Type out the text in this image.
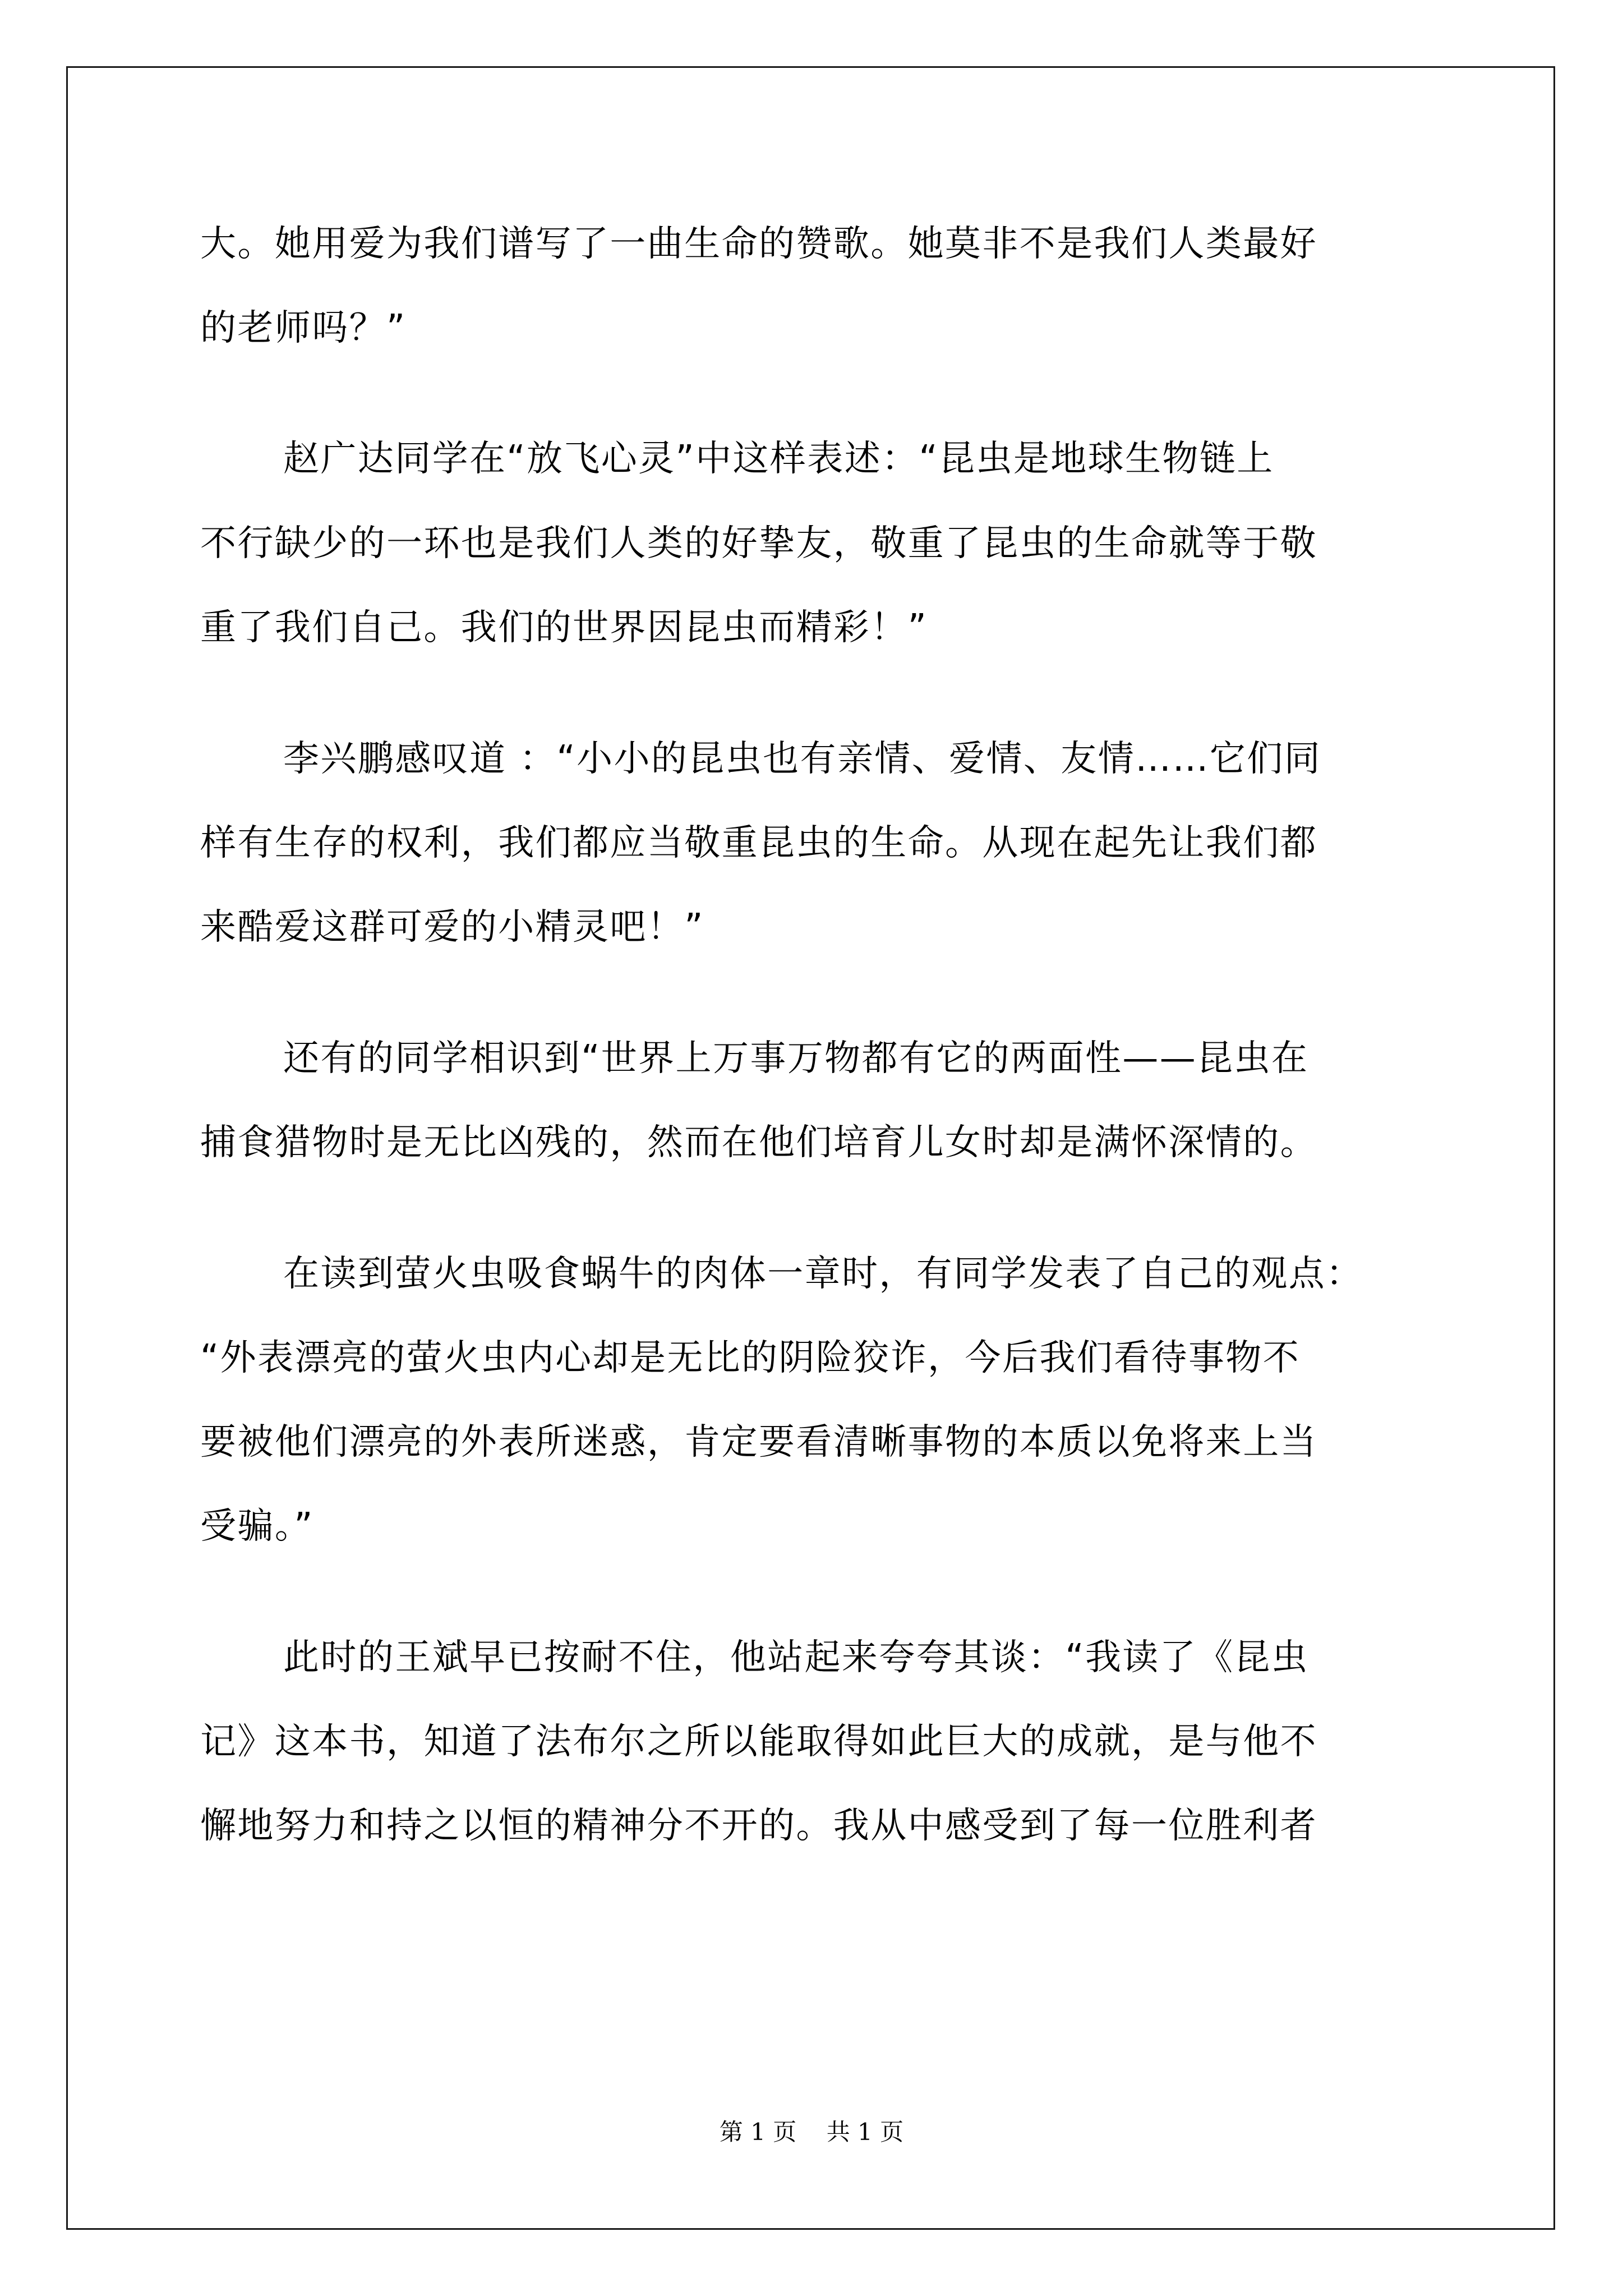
大。她用爱为我们谱写了一曲生命的赞歌。她莫非不是我们人类最好
的老师吗？”
赵广达同学在“放飞心灵”中这样表述：“昆虫是地球生物链上
不行缺少的一环也是我们人类的好挚友，敬重了昆虫的生命就等于敬
重了我们自己。我们的世界因昆虫而精彩！”
李兴鹏感叹道 ：“小小的昆虫也有亲情、爱情、友情……它们同
样有生存的权利，我们都应当敬重昆虫的生命。从现在起先让我们都
来酷爱这群可爱的小精灵吧！”
还有的同学相识到“世界上万事万物都有它的两面性——昆虫在
捕食猎物时是无比凶残的，然而在他们培育儿女时却是满怀深情的。
在读到萤火虫吸食蜗牛的肉体一章时，有同学发表了自己的观点：
“外表漂亮的萤火虫内心却是无比的阴险狡诈，今后我们看待事物不
要被他们漂亮的外表所迷惑，肯定要看清晰事物的本质以免将来上当
受骗。”
此时的王斌早已按耐不住，他站起来夸夸其谈：“我读了《昆虫
记》这本书，知道了法布尔之所以能取得如此巨大的成就，是与他不
懈地努力和持之以恒的精神分不开的。我从中感受到了每一位胜利者
第 1 页    共 1 页
